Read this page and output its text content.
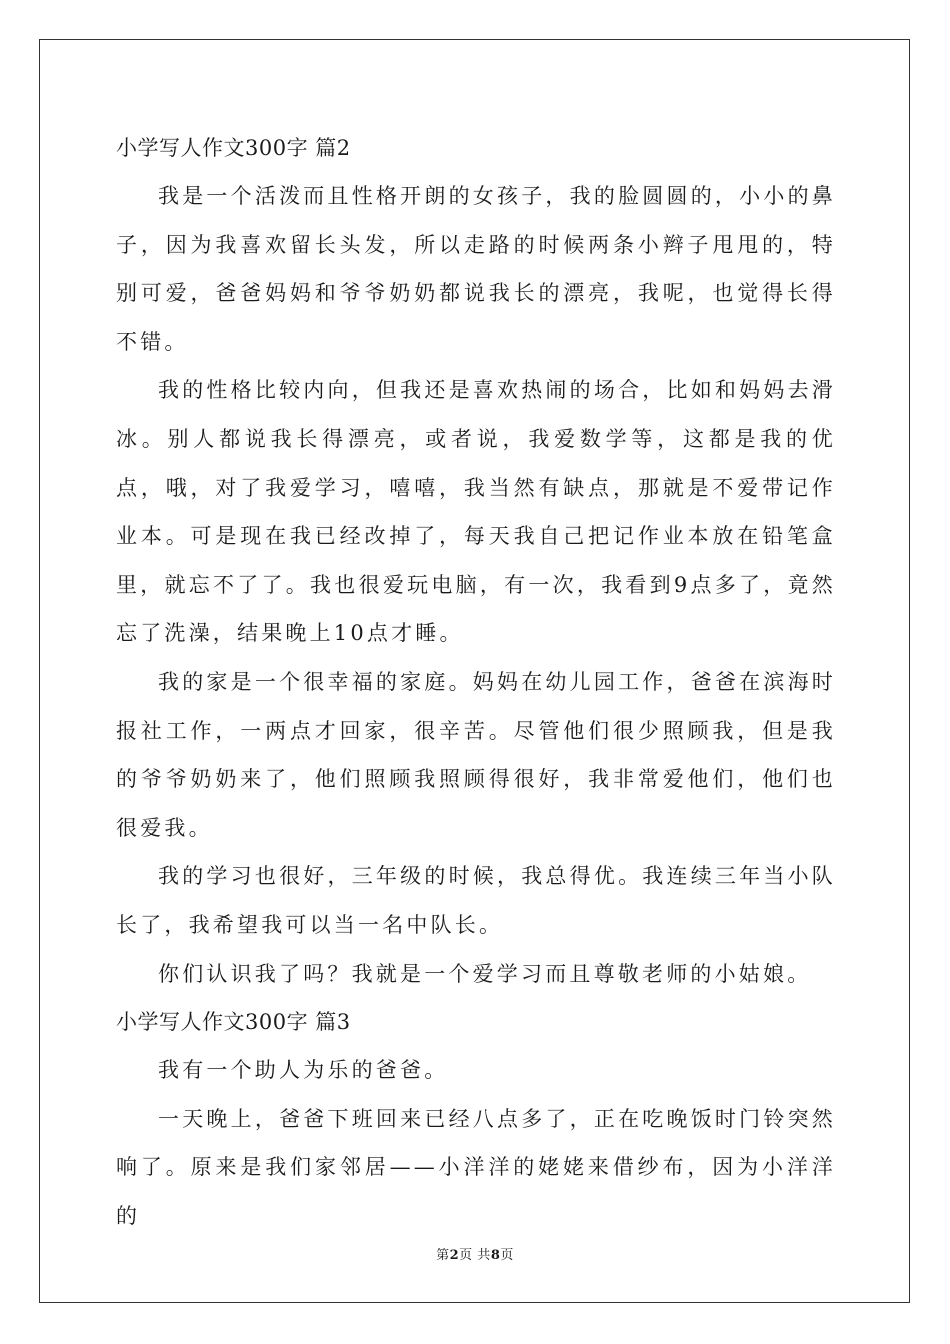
小学写人作文300字 篇2

我是一个活泼而且性格开朗的女孩子，我的脸圆圆的，小小的鼻子，因为我喜欢留长头发，所以走路的时候两条小辫子甩甩的，特别可爱，爸爸妈妈和爷爷奶奶都说我长的漂亮，我呢，也觉得长得不错。

我的性格比较内向，但我还是喜欢热闹的场合，比如和妈妈去滑冰。别人都说我长得漂亮，或者说，我爱数学等，这都是我的优点，哦，对了我爱学习，嘻嘻，我当然有缺点，那就是不爱带记作业本。可是现在我已经改掉了，每天我自己把记作业本放在铅笔盒里，就忘不了了。我也很爱玩电脑，有一次，我看到9点多了，竟然忘了洗澡，结果晚上10点才睡。

我的家是一个很幸福的家庭。妈妈在幼儿园工作，爸爸在滨海时报社工作，一两点才回家，很辛苦。尽管他们很少照顾我，但是我的爷爷奶奶来了，他们照顾我照顾得很好，我非常爱他们，他们也很爱我。

我的学习也很好，三年级的时候，我总得优。我连续三年当小队长了，我希望我可以当一名中队长。

你们认识我了吗？我就是一个爱学习而且尊敬老师的小姑娘。

小学写人作文300字 篇3

我有一个助人为乐的爸爸。

一天晚上，爸爸下班回来已经八点多了，正在吃晚饭时门铃突然响了。原来是我们家邻居——小洋洋的姥姥来借纱布，因为小洋洋的

第2页 共8页
